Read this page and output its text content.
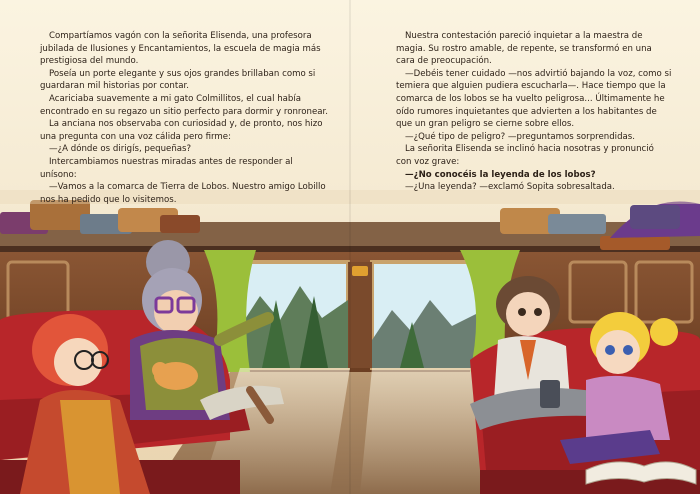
Compartíamos vagón con la señorita Elisenda, una profesora jubilada de Ilusiones y Encantamientos, la escuela de magia más prestigiosa del mundo.

Poseía un porte elegante y sus ojos grandes brillaban como si guardaran mil historias por contar.

Acariciaba suavemente a mi gato Colmillitos, el cual había encontrado en su regazo un sitio perfecto para dormir y ronronear.

La anciana nos observaba con curiosidad y, de pronto, nos hizo una pregunta con una voz cálida pero firme:

—¿A dónde os dirigís, pequeñas?

Intercambiamos nuestras miradas antes de responder al unísono:

—Vamos a la comarca de Tierra de Lobos. Nuestro amigo Lobillo nos ha pedido que lo visitemos.

Nuestra contestación pareció inquietar a la maestra de magia. Su rostro amable, de repente, se transformó en una cara de preocupación.

—Debéis tener cuidado —nos advirtió bajando la voz, como si temiera que alguien pudiera escucharla—. Hace tiempo que la comarca de los lobos se ha vuelto peligrosa... Últimamente he oído rumores inquietantes que advierten a los habitantes de que un gran peligro se cierne sobre ellos.

—¿Qué tipo de peligro? —preguntamos sorprendidas.

La señorita Elisenda se inclinó hacia nosotras y pronunció con voz grave:

—¿No conocéis la leyenda de los lobos?

—¿Una leyenda? —exclamó Sopita sobresaltada.
